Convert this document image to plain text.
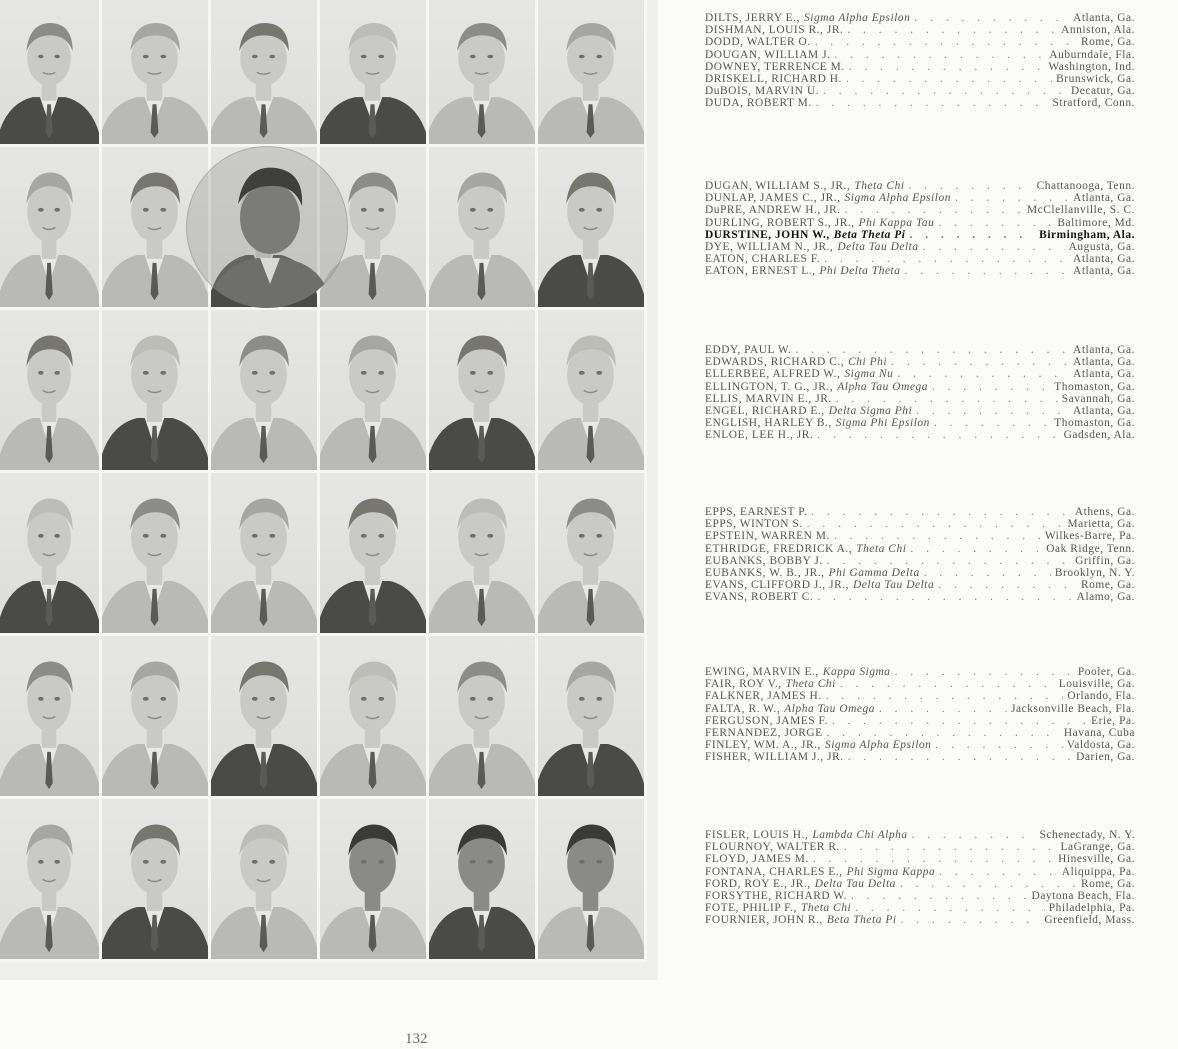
DILTS, JERRY E., Sigma Alpha Epsilon . . .	Atlanta, Ga.
DISHMAN, LOUIS R., JR. . . .	Anniston, Ala.
DODD, WALTER O. . . .	Rome, Ga.
DOUGAN, WILLIAM J. . . .	Auburndale, Fla.
DOWNEY, TERRENCE M. . . .	Washington, Ind.
DRISKELL, RICHARD H. . . .	Brunswick, Ga.
DuBOIS, MARVIN U. . . .	Decatur, Ga.
DUDA, ROBERT M. . . .	Stratford, Conn.
DUGAN, WILLIAM S., JR., Theta Chi . . .	Chattanooga, Tenn.
DUNLAP, JAMES C., JR., Sigma Alpha Epsilon . . .	Atlanta, Ga.
DuPRE, ANDREW H., JR. . . .	McClellanville, S. C.
DURLING, ROBERT S., JR., Phi Kappa Tau . . .	Baltimore, Md.
DURSTINE, JOHN W., Beta Theta Pi . . .	Birmingham, Ala.
DYE, WILLIAM N., JR., Delta Tau Delta . . .	Augusta, Ga.
EATON, CHARLES F. . . .	Atlanta, Ga.
EATON, ERNEST L., Phi Delta Theta . . .	Atlanta, Ga.
EDDY, PAUL W. . . .	Atlanta, Ga.
EDWARDS, RICHARD C., Chi Phi . . .	Atlanta, Ga.
ELLERBEE, ALFRED W., Sigma Nu . . .	Atlanta, Ga.
ELLINGTON, T. G., JR., Alpha Tau Omega . . .	Thomaston, Ga.
ELLIS, MARVIN E., JR. . . .	Savannah, Ga.
ENGEL, RICHARD E., Delta Sigma Phi . . .	Atlanta, Ga.
ENGLISH, HARLEY B., Sigma Phi Epsilon . . .	Thomaston, Ga.
ENLOE, LEE H., JR. . . .	Gadsden, Ala.
EPPS, EARNEST P. . . .	Athens, Ga.
EPPS, WINTON S. . . .	Marietta, Ga.
EPSTEIN, WARREN M. . . .	Wilkes-Barre, Pa.
ETHRIDGE, FREDRICK A., Theta Chi . . .	Oak Ridge, Tenn.
EUBANKS, BOBBY J. . . .	Griffin, Ga.
EUBANKS, W. B., JR., Phi Gamma Delta . . .	Brooklyn, N. Y.
EVANS, CLIFFORD J., JR., Delta Tau Delta . . .	Rome, Ga.
EVANS, ROBERT C. . . .	Alamo, Ga.
EWING, MARVIN E., Kappa Sigma . . .	Pooler, Ga.
FAIR, ROY V., Theta Chi . . .	Louisville, Ga.
FALKNER, JAMES H. . . .	Orlando, Fla.
FALTA, R. W., Alpha Tau Omega . . .	Jacksonville Beach, Fla.
FERGUSON, JAMES F. . . .	Erie, Pa.
FERNANDEZ, JORGE . . .	Havana, Cuba
FINLEY, WM. A., JR., Sigma Alpha Epsilon . . .	Valdosta, Ga.
FISHER, WILLIAM J., JR. . . .	Darien, Ga.
FISLER, LOUIS H., Lambda Chi Alpha . . .	Schenectady, N. Y.
FLOURNOY, WALTER R. . . .	LaGrange, Ga.
FLOYD, JAMES M. . . .	Hinesville, Ga.
FONTANA, CHARLES E., Phi Sigma Kappa . . .	Aliquippa, Pa.
FORD, ROY E., JR., Delta Tau Delta . . .	Rome, Ga.
FORSYTHE, RICHARD W. . . .	Daytona Beach, Fla.
FOTE, PHILIP F., Theta Chi . . .	Philadelphia, Pa.
FOURNIER, JOHN R., Beta Theta Pi . . .	Greenfield, Mass.
132
